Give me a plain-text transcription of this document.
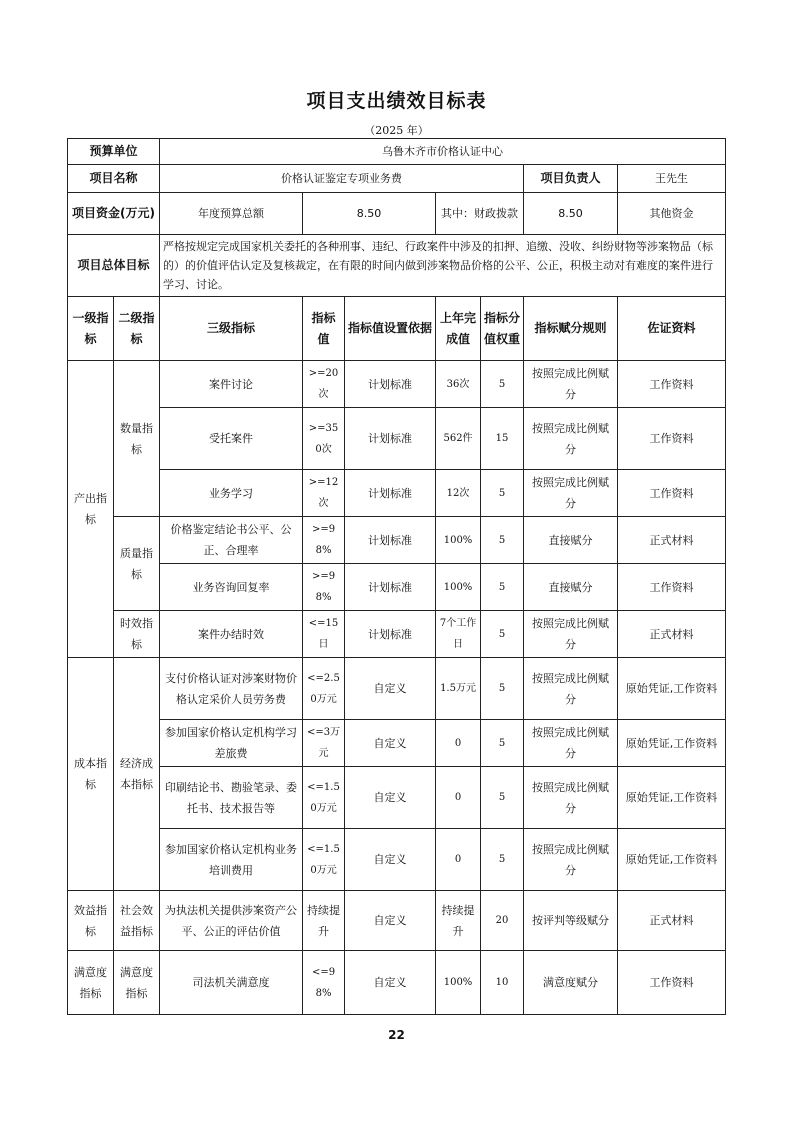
项目支出绩效目标表
（2025 年）
预算单位		乌鲁木齐市价格认证中心						
项目名称		价格认证鉴定专项业务费					项目负责人	王先生
项目资金(万元)		年度预算总额	8.50		其中：财政拨款		8.50	其他资金
项目总体目标		严格按规定完成国家机关委托的各种刑事、违纪、行政案件中涉及的扣押、追缴、没收、纠纷财物等涉案物品（标的）的价值评估认定及复核裁定，在有限的时间内做到涉案物品价格的公平、公正，积极主动对有难度的案件进行学习、讨论。						
一级指标	二级指标	三级指标	指标值	指标值设置依据	上年完成值	指标分值权重	指标赋分规则	佐证资料
产出指标	数量指标	案件讨论	>=20次	计划标准	36次	5	按照完成比例赋分	工作资料
		受托案件	>=350次	计划标准	562件	15	按照完成比例赋分	工作资料
		业务学习	>=12次	计划标准	12次	5	按照完成比例赋分	工作资料
	质量指标	价格鉴定结论书公平、公正、合理率	>=98%	计划标准	100%	5	直接赋分	正式材料
		业务咨询回复率	>=98%	计划标准	100%	5	直接赋分	工作资料
	时效指标	案件办结时效	<=15日	计划标准	7个工作日	5	按照完成比例赋分	正式材料
成本指标	经济成本指标	支付价格认证对涉案财物价格认定采价人员劳务费	<=2.50万元	自定义	1.5万元	5	按照完成比例赋分	原始凭证,工作资料
		参加国家价格认定机构学习差旅费	<=3万元	自定义	0	5	按照完成比例赋分	原始凭证,工作资料
		印刷结论书、勘验笔录、委托书、技术报告等	<=1.50万元	自定义	0	5	按照完成比例赋分	原始凭证,工作资料
		参加国家价格认定机构业务培训费用	<=1.50万元	自定义	0	5	按照完成比例赋分	原始凭证,工作资料
效益指标	社会效益指标	为执法机关提供涉案资产公平、公正的评估价值	持续提升	自定义	持续提升	20	按评判等级赋分	正式材料
满意度指标	满意度指标	司法机关满意度	<=98%	自定义	100%	10	满意度赋分	工作资料
22
